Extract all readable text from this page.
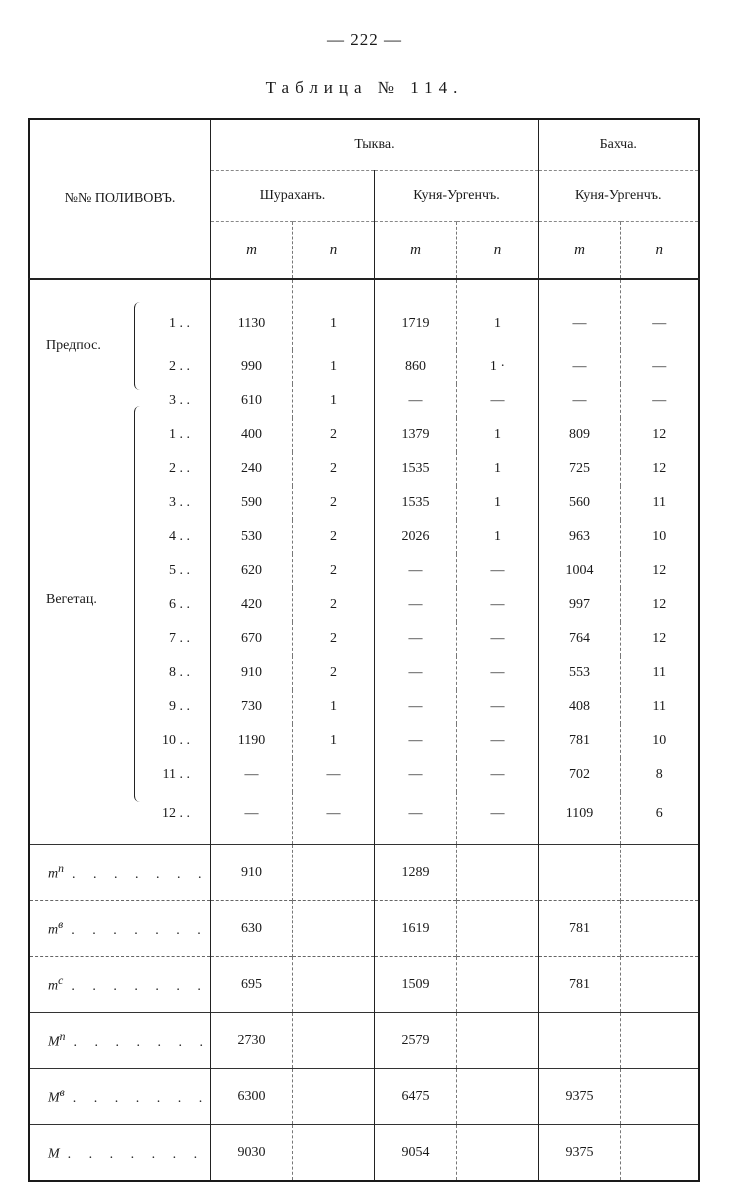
— 222 —
Таблица № 114.
№№ ПОЛИВОВЪ.	Тыква.				Бахча.	
	Шураханъ.		Куня-Ургенчъ.		Куня-Ургенчъ.	
	m	n	m	n	m	n
1 . .	1130	1	1719	1	—	—
2 . .	990	1	860	1 ·	—	—
3 . .	610	1	—	—	—	—
1 . .	400	2	1379	1	809	12
2 . .	240	2	1535	1	725	12
3 . .	590	2	1535	1	560	11
4 . .	530	2	2026	1	963	10
5 . .	620	2	—	—	1004	12
6 . .	420	2	—	—	997	12
7 . .	670	2	—	—	764	12
8 . .	910	2	—	—	553	11
9 . .	730	1	—	—	408	11
10 . .	1190	1	—	—	781	10
11 . .	—	—	—	—	702	8
12 . .	—	—	—	—	1109	6
$m^п$ . . . . . . .	910		1289			
$m^в$ . . . . . . .	630		1619		781	
$m^c$ . . . . . . .	695		1509		781	
$M^п$ . . . . . . .	2730		2579			
$M^в$ . . . . . . .	6300		6475		9375	
M . . . . . . .	9030		9054		9375	
Предпос.
Вегетац.
